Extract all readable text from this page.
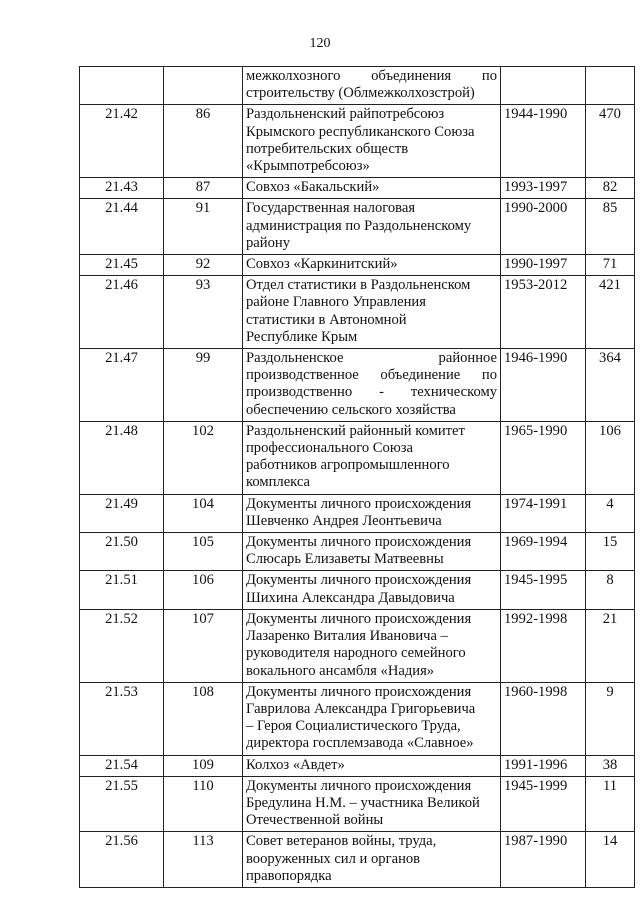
120

		межколхозного объединения по
строительству (Облмежколхозстрой)		

21.42	86	Раздольненский райпотребсоюз
Крымского республиканского Союза
потребительских обществ
«Крымпотребсоюз»	1944-1990	470
21.43	87	Совхоз «Бакальский»	1993-1997	82
21.44	91	Государственная налоговая
администрация по Раздольненскому
району	1990-2000	85
21.45	92	Совхоз «Каркинитский»	1990-1997	71
21.46	93	Отдел статистики в Раздольненском
районе Главного Управления
статистики в Автономной
Республике Крым	1953-2012	421
21.47	99	Раздольненское районное
производственное объединение по
производственно - техническому
обеспечению сельского хозяйства	1946-1990	364
21.48	102	Раздольненский районный комитет
профессионального Союза
работников агропромышленного
комплекса	1965-1990	106
21.49	104	Документы личного происхождения
Шевченко Андрея Леонтьевича	1974-1991	4
21.50	105	Документы личного происхождения
Слюсарь Елизаветы Матвеевны	1969-1994	15
21.51	106	Документы личного происхождения
Шихина Александра Давыдовича	1945-1995	8
21.52	107	Документы личного происхождения
Лазаренко Виталия Ивановича –
руководителя народного семейного
вокального ансамбля «Надия»	1992-1998	21
21.53	108	Документы личного происхождения
Гаврилова Александра Григорьевича
– Героя Социалистического Труда,
директора госплемзавода «Славное»	1960-1998	9
21.54	109	Колхоз «Авдет»	1991-1996	38
21.55	110	Документы личного происхождения
Бредулина Н.М. – участника Великой
Отечественной войны	1945-1999	11
21.56	113	Совет ветеранов войны, труда,
вооруженных сил и органов
правопорядка	1987-1990	14
